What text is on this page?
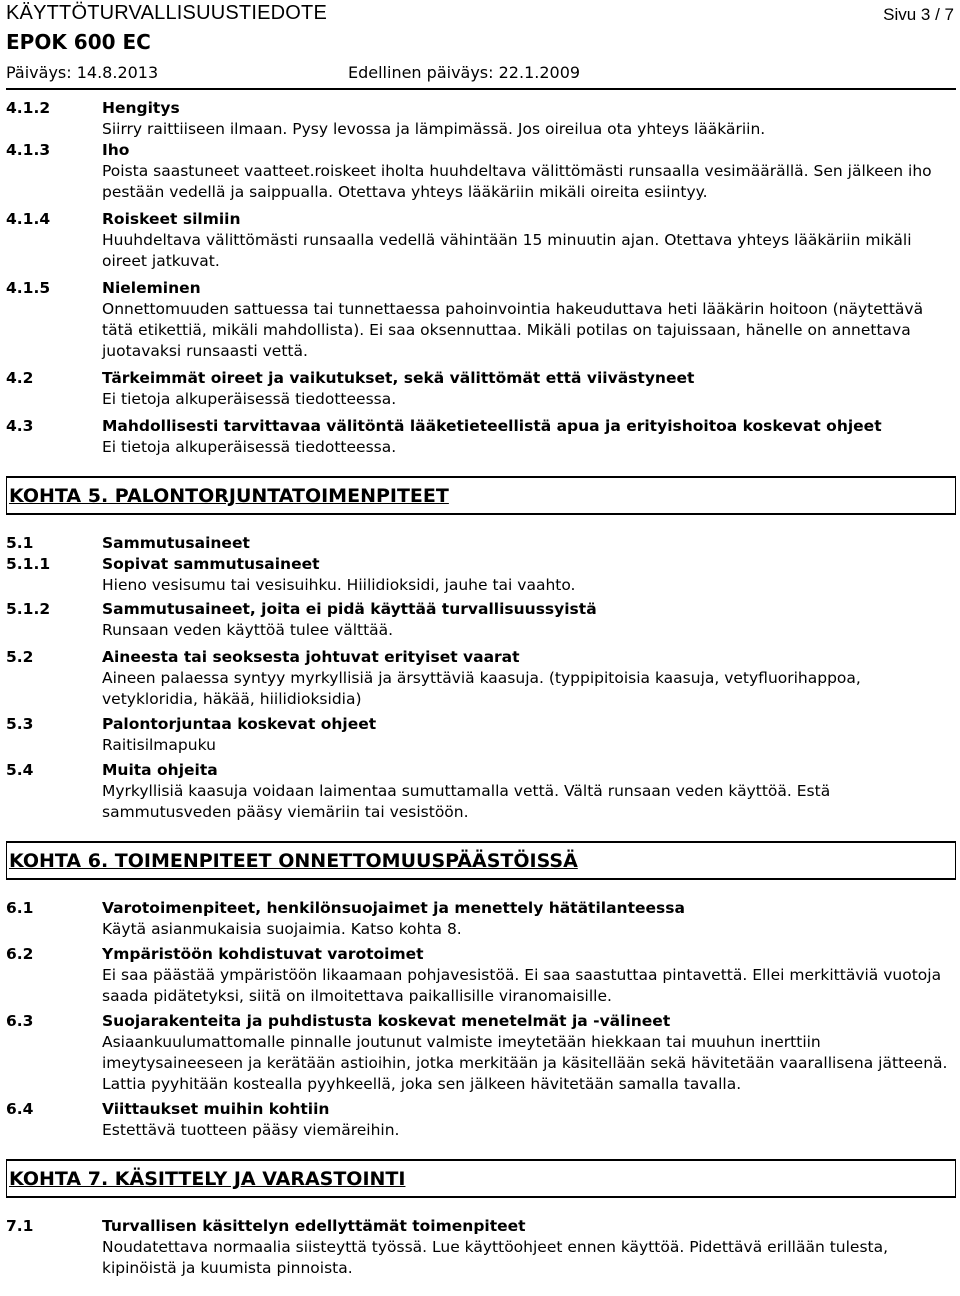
KÄYTTÖTURVALLISUUSTIEDOTE	Sivu 3 / 7
EPOK 600 EC
Päiväys: 14.8.2013	Edellinen päiväys: 22.1.2009
4.1.2	Hengitys
Siirry raittiiseen ilmaan. Pysy levossa ja lämpimässä. Jos oireilua ota yhteys lääkäriin.
4.1.3	Iho
Poista saastuneet vaatteet.roiskeet iholta huuhdeltava välittömästi runsaalla vesimäärällä. Sen jälkeen iho pestään vedellä ja saippualla. Otettava yhteys lääkäriin mikäli oireita esiintyy.
4.1.4	Roiskeet silmiin
Huuhdeltava välittömästi runsaalla vedellä vähintään 15 minuutin ajan. Otettava yhteys lääkäriin mikäli oireet jatkuvat.
4.1.5	Nieleminen
Onnettomuuden sattuessa tai tunnettaessa pahoinvointia hakeuduttava heti lääkärin hoitoon (näytettävä tätä etikettiä, mikäli mahdollista). Ei saa oksennuttaa. Mikäli potilas on tajuissaan, hänelle on annettava juotavaksi runsaasti vettä.
4.2	Tärkeimmät oireet ja vaikutukset, sekä välittömät että viivästyneet
Ei tietoja alkuperäisessä tiedotteessa.
4.3	Mahdollisesti tarvittavaa välitöntä lääketieteellistä apua ja erityishoitoa koskevat ohjeet
Ei tietoja alkuperäisessä tiedotteessa.
KOHTA 5. PALONTORJUNTATOIMENPITEET
5.1	Sammutusaineet
5.1.1	Sopivat sammutusaineet
Hieno vesisumu tai vesisuihku. Hiilidioksidi, jauhe tai vaahto.
5.1.2	Sammutusaineet, joita ei pidä käyttää turvallisuussyistä
Runsaan veden käyttöä tulee välttää.
5.2	Aineesta tai seoksesta johtuvat erityiset vaarat
Aineen palaessa syntyy myrkyllisiä ja ärsyttäviä kaasuja. (typpipitoisia kaasuja, vetyfluorihappoa, vetykloridia, häkää, hiilidioksidia)
5.3	Palontorjuntaa koskevat ohjeet
Raitisilmapuku
5.4	Muita ohjeita
Myrkyllisiä kaasuja voidaan laimentaa sumuttamalla vettä. Vältä runsaan veden käyttöä. Estä sammutusveden pääsy viemäriin tai vesistöön.
KOHTA 6. TOIMENPITEET ONNETTOMUUSPÄÄSTÖISSÄ
6.1	Varotoimenpiteet, henkilönsuojaimet ja menettely hätätilanteessa
Käytä asianmukaisia suojaimia. Katso kohta 8.
6.2	Ympäristöön kohdistuvat varotoimet
Ei saa päästää ympäristöön likaamaan pohjavesistöä. Ei saa saastuttaa pintavettä. Ellei merkittäviä vuotoja saada pidätetyksi, siitä on ilmoitettava paikallisille viranomaisille.
6.3	Suojarakenteita ja puhdistusta koskevat menetelmät ja -välineet
Asiaankuulumattomalle pinnalle joutunut valmiste imeytetään hiekkaan tai muuhun inerttiin imeytysaineeseen ja kerätään astioihin, jotka merkitään ja käsitellään sekä hävitetään vaarallisena jätteenä. Lattia pyyhitään kostealla pyyhkeellä, joka sen jälkeen hävitetään samalla tavalla.
6.4	Viittaukset muihin kohtiin
Estettävä tuotteen pääsy viemäreihin.
KOHTA 7. KÄSITTELY JA VARASTOINTI
7.1	Turvallisen käsittelyn edellyttämät toimenpiteet
Noudatettava normaalia siisteyttä työssä. Lue käyttöohjeet ennen käyttöä. Pidettävä erillään tulesta, kipinöistä ja kuumista pinnoista.
